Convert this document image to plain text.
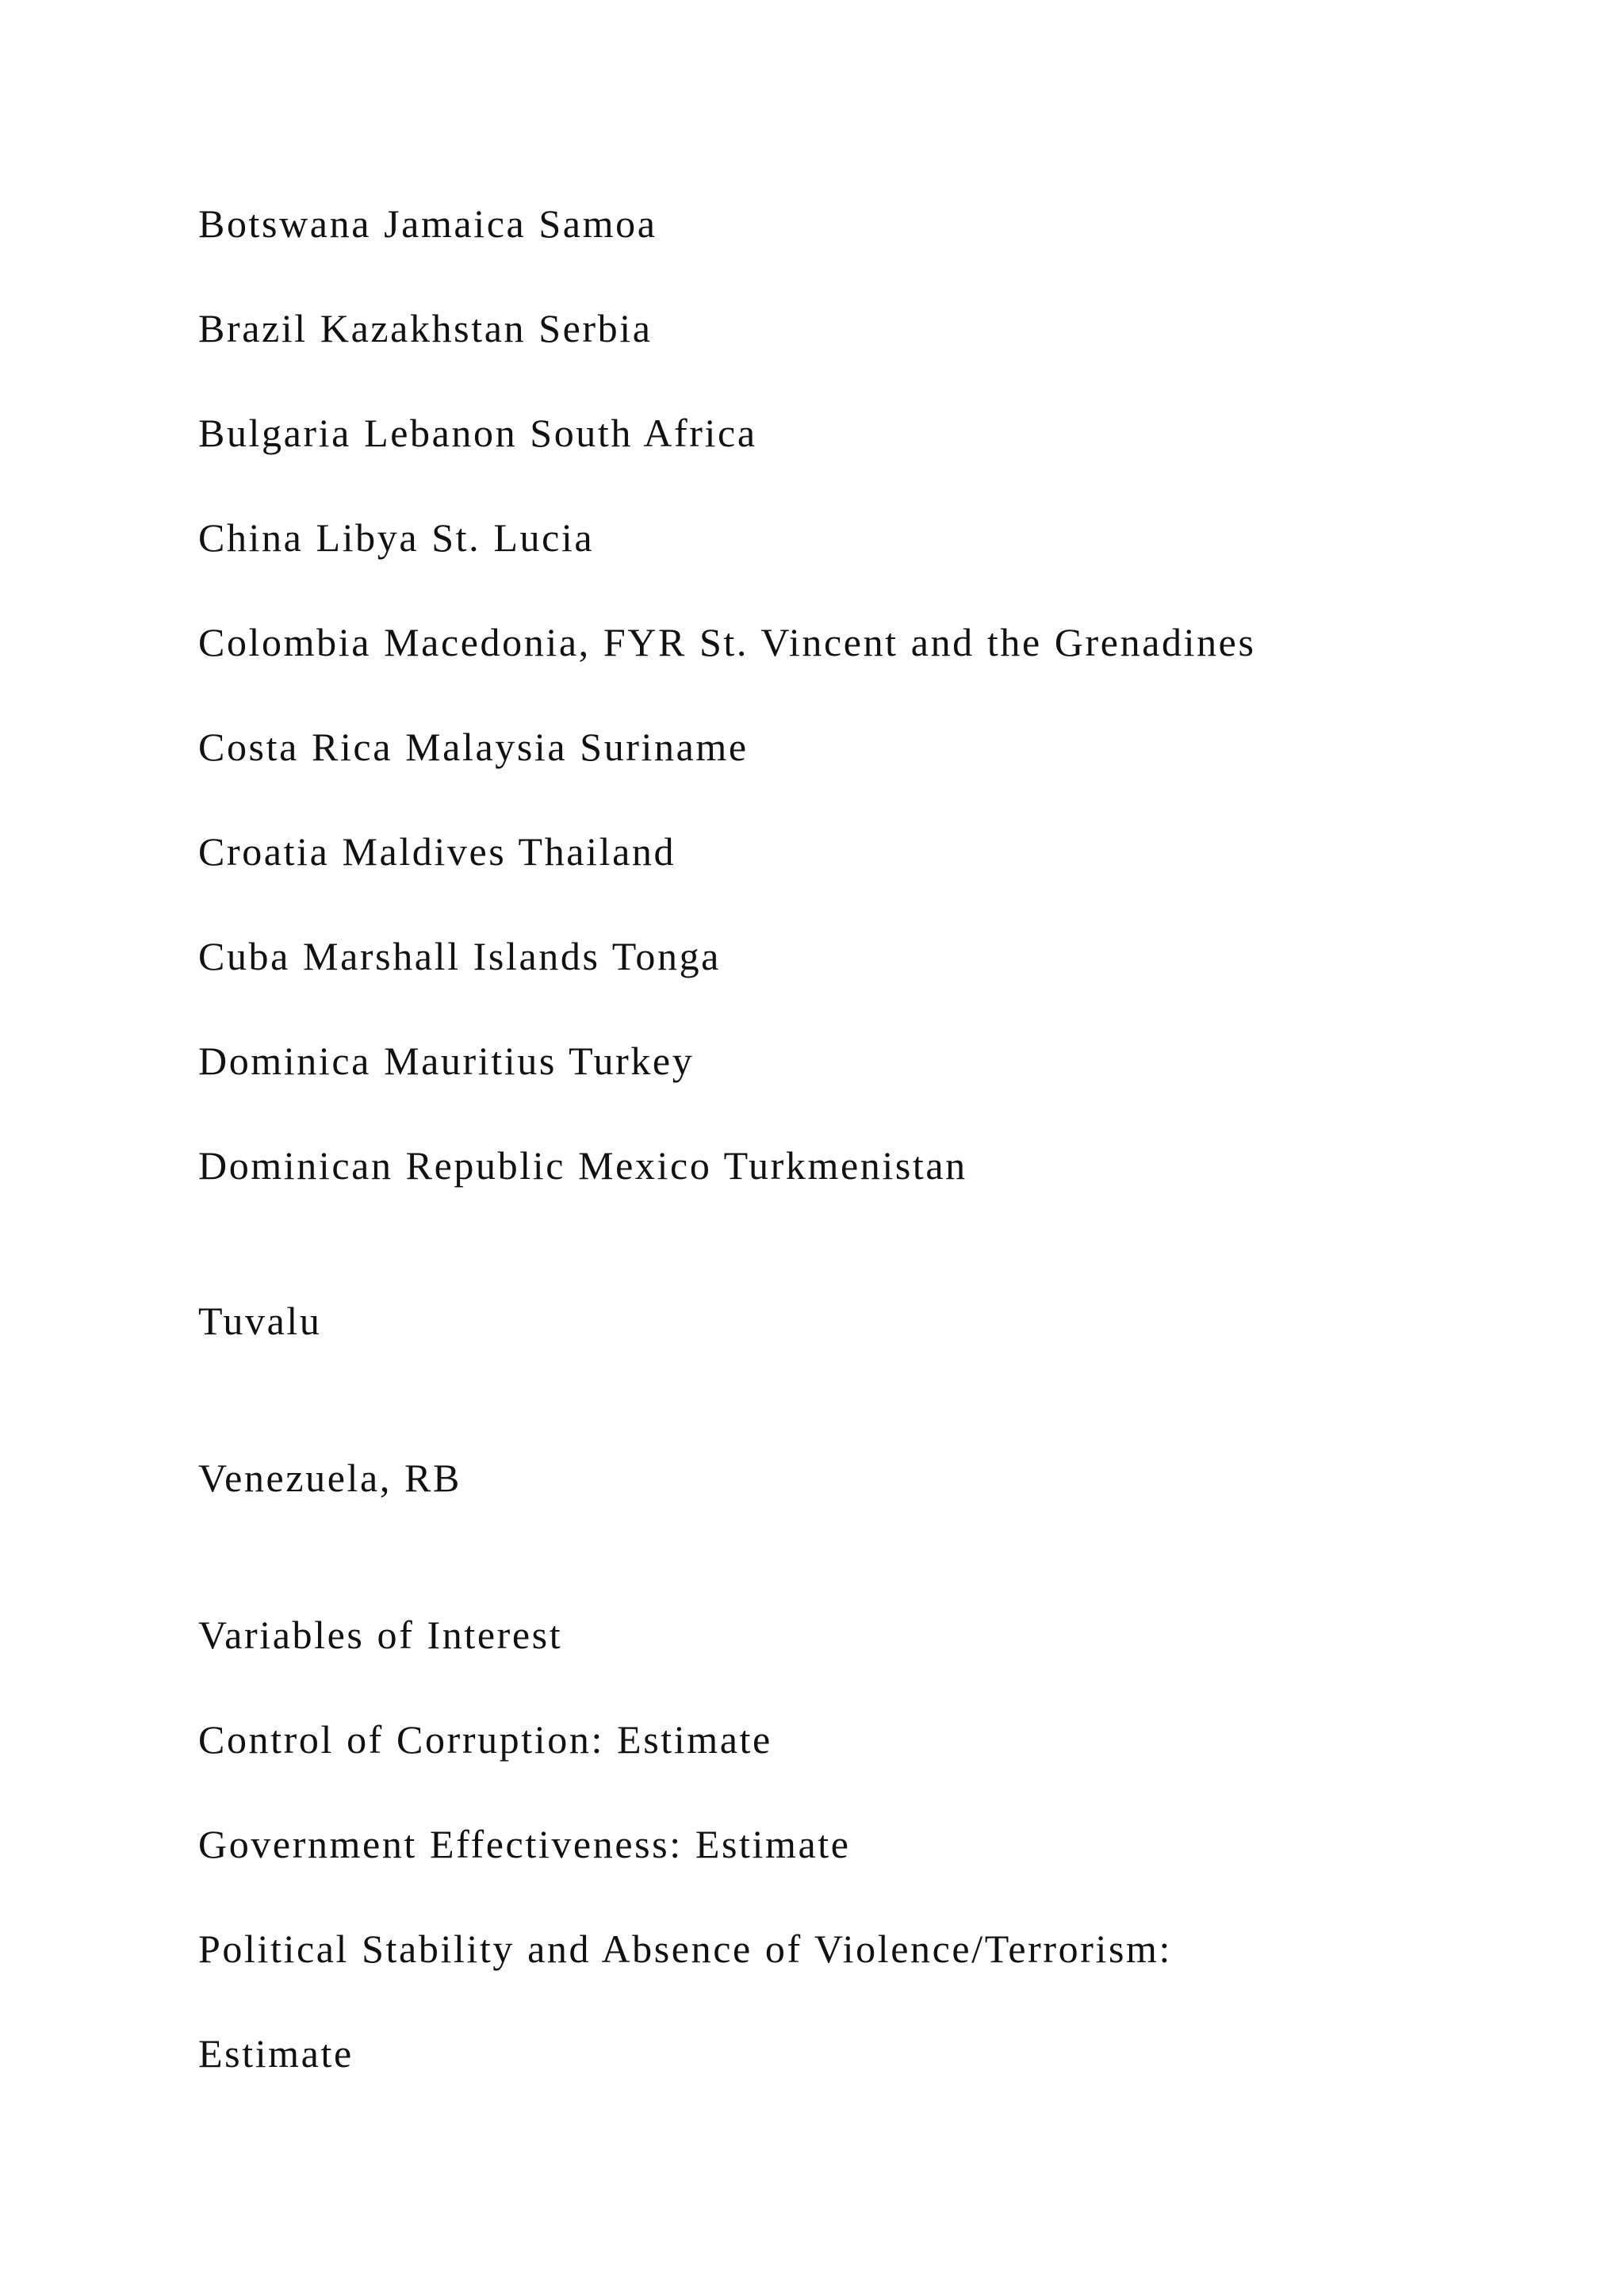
Botswana Jamaica Samoa

Brazil Kazakhstan Serbia

Bulgaria Lebanon South Africa

China Libya St. Lucia

Colombia Macedonia, FYR St. Vincent and the Grenadines

Costa Rica Malaysia Suriname

Croatia Maldives Thailand

Cuba Marshall Islands Tonga

Dominica Mauritius Turkey

Dominican Republic Mexico Turkmenistan

Tuvalu

Venezuela, RB

Variables of Interest

Control of Corruption: Estimate

Government Effectiveness: Estimate

Political Stability and Absence of Violence/Terrorism:

Estimate
